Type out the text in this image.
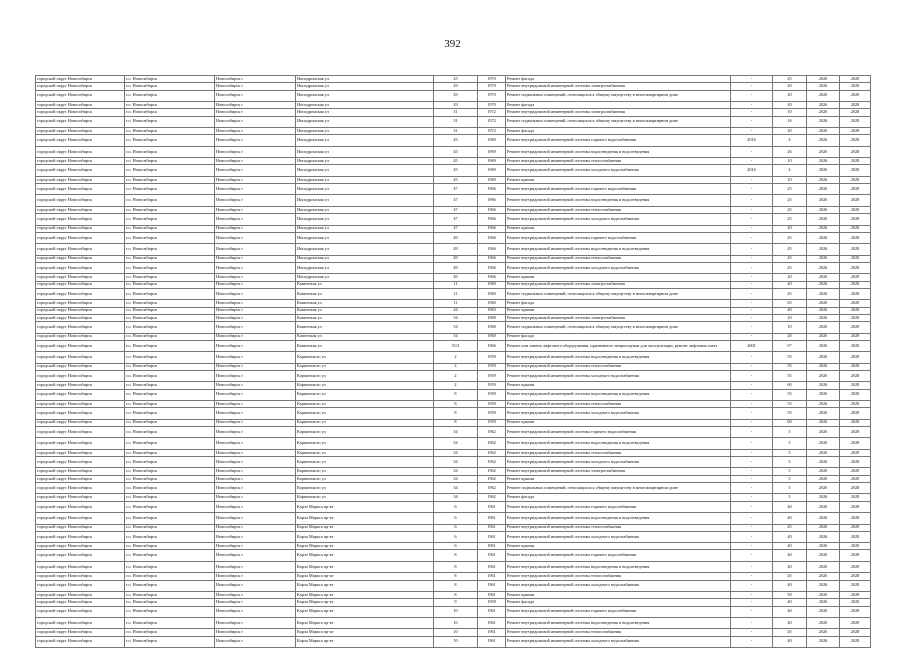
392
городской округ Новосибирск	г.о. Новосибирск	Новосибирск г	Ипподромская ул	25	1970	Ремонт фасада	-	25	2026	2028
городской округ Новосибирск	г.о. Новосибирск	Новосибирск г	Ипподромская ул	29	1970	Ремонт внутридомовой инженерной системы электроснабжения	-	20	2026	2028
городской округ Новосибирск	г.о. Новосибирск	Новосибирск г	Ипподромская ул	29	1970	Ремонт подвальных помещений, относящихся к общему имуществу в многоквартирном доме	-	20	2026	2028
городской округ Новосибирск	г.о. Новосибирск	Новосибирск г	Ипподромская ул	29	1970	Ремонт фасада	-	20	2026	2028
городской округ Новосибирск	г.о. Новосибирск	Новосибирск г	Ипподромская ул	31	1972	Ремонт внутридомовой инженерной системы электроснабжения	-	10	2026	2028
городской округ Новосибирск	г.о. Новосибирск	Новосибирск г	Ипподромская ул	31	1972	Ремонт подвальных помещений, относящихся к общему имуществу в многоквартирном доме	-	16	2026	2028
городской округ Новосибирск	г.о. Новосибирск	Новосибирск г	Ипподромская ул	31	1972	Ремонт фасада	-	20	2026	2028
городской округ Новосибирск	г.о. Новосибирск	Новосибирск г	Ипподромская ул	45	1969	Ремонт внутридомовой инженерной системы горячего водоснабжения	2016	4	2026	2028
городской округ Новосибирск	г.о. Новосибирск	Новосибирск г	Ипподромская ул	45	1969	Ремонт внутридомовой инженерной системы водоотведения и водоотведения	-	26	2026	2028
городской округ Новосибирск	г.о. Новосибирск	Новосибирск г	Ипподромская ул	45	1969	Ремонт внутридомовой инженерной системы теплоснабжения	-	10	2026	2028
городской округ Новосибирск	г.о. Новосибирск	Новосибирск г	Ипподромская ул	45	1969	Ремонт внутридомовой инженерной системы холодного водоснабжения	2016	4	2026	2028
городской округ Новосибирск	г.о. Новосибирск	Новосибирск г	Ипподромская ул	45	1969	Ремонт крыши	-	10	2026	2028
городской округ Новосибирск	г.о. Новосибирск	Новосибирск г	Ипподромская ул	47	1966	Ремонт внутридомовой инженерной системы горячего водоснабжения	-	25	2026	2028
городской округ Новосибирск	г.о. Новосибирск	Новосибирск г	Ипподромская ул	47	1966	Ремонт внутридомовой инженерной системы водоотведения и водоотведения	-	25	2026	2028
городской округ Новосибирск	г.о. Новосибирск	Новосибирск г	Ипподромская ул	47	1966	Ремонт внутридомовой инженерной системы теплоснабжения	-	25	2026	2028
городской округ Новосибирск	г.о. Новосибирск	Новосибирск г	Ипподромская ул	47	1966	Ремонт внутридомовой инженерной системы холодного водоснабжения	-	25	2026	2028
городской округ Новосибирск	г.о. Новосибирск	Новосибирск г	Ипподромская ул	47	1966	Ремонт крыши	-	20	2026	2028
городской округ Новосибирск	г.о. Новосибирск	Новосибирск г	Ипподромская ул	49	1966	Ремонт внутридомовой инженерной системы горячего водоснабжения	-	45	2026	2028
городской округ Новосибирск	г.о. Новосибирск	Новосибирск г	Ипподромская ул	49	1966	Ремонт внутридомовой инженерной системы водоотведения и водоотведения	-	45	2026	2028
городской округ Новосибирск	г.о. Новосибирск	Новосибирск г	Ипподромская ул	49	1966	Ремонт внутридомовой инженерной системы теплоснабжения	-	45	2026	2028
городской округ Новосибирск	г.о. Новосибирск	Новосибирск г	Ипподромская ул	49	1966	Ремонт внутридомовой инженерной системы холодного водоснабжения	-	45	2026	2028
городской округ Новосибирск	г.о. Новосибирск	Новосибирск г	Ипподромская ул	49	1966	Ремонт крыши	-	20	2026	2028
городской округ Новосибирск	г.о. Новосибирск	Новосибирск г	Каменская ул	11	1960	Ремонт внутридомовой инженерной системы электроснабжения	-	40	2026	2028
городской округ Новосибирск	г.о. Новосибирск	Новосибирск г	Каменская ул	11	1960	Ремонт подвальных помещений, относящихся к общему имуществу в многоквартирном доме	-	45	2026	2028
городской округ Новосибирск	г.о. Новосибирск	Новосибирск г	Каменская ул	11	1960	Ремонт фасада	-	65	2026	2028
городской округ Новосибирск	г.о. Новосибирск	Новосибирск г	Каменская ул	44	1983	Ремонт крыши	-	40	2026	2028
городской округ Новосибирск	г.о. Новосибирск	Новосибирск г	Каменская ул	54	1968	Ремонт внутридомовой инженерной системы электроснабжения	-	10	2026	2028
городской округ Новосибирск	г.о. Новосибирск	Новосибирск г	Каменская ул	54	1968	Ремонт подвальных помещений, относящихся к общему имуществу в многоквартирном доме	-	10	2026	2028
городской округ Новосибирск	г.о. Новосибирск	Новосибирск г	Каменская ул	54	1968	Ремонт фасада	-	20	2026	2028
городской округ Новосибирск	г.о. Новосибирск	Новосибирск г	Каменская ул	51/3	1966	Ремонт или замена лифтового оборудования, признанного непригодным для эксплуатации, ремонт лифтовых шахт	2001	6*	2026	2028
городской округ Новосибирск	г.о. Новосибирск	Новосибирск г	Карпинского ул	2	1959	Ремонт внутридомовой инженерной системы водоотведения и водоотведения	-	55	2026	2028
городской округ Новосибирск	г.о. Новосибирск	Новосибирск г	Карпинского ул	2	1959	Ремонт внутридомовой инженерной системы теплоснабжения	-	55	2026	2028
городской округ Новосибирск	г.о. Новосибирск	Новосибирск г	Карпинского ул	2	1959	Ремонт внутридомовой инженерной системы холодного водоснабжения	-	55	2026	2028
городской округ Новосибирск	г.о. Новосибирск	Новосибирск г	Карпинского ул	2	1959	Ремонт крыши	-	60	2026	2028
городской округ Новосибирск	г.о. Новосибирск	Новосибирск г	Карпинского ул	8	1959	Ремонт внутридомовой инженерной системы водоотведения и водоотведения	-	55	2026	2028
городской округ Новосибирск	г.о. Новосибирск	Новосибирск г	Карпинского ул	8	1959	Ремонт внутридомовой инженерной системы теплоснабжения	-	55	2026	2028
городской округ Новосибирск	г.о. Новосибирск	Новосибирск г	Карпинского ул	8	1959	Ремонт внутридомовой инженерной системы холодного водоснабжения	-	55	2026	2028
городской округ Новосибирск	г.о. Новосибирск	Новосибирск г	Карпинского ул	8	1959	Ремонт крыши	-	60	2026	2028
городской округ Новосибирск	г.о. Новосибирск	Новосибирск г	Карпинского ул	34	1962	Ремонт внутридомовой инженерной системы горячего водоснабжения	-	5	2026	2028
городской округ Новосибирск	г.о. Новосибирск	Новосибирск г	Карпинского ул	34	1962	Ремонт внутридомовой инженерной системы водоотведения и водоотведения	-	5	2026	2028
городской округ Новосибирск	г.о. Новосибирск	Новосибирск г	Карпинского ул	34	1962	Ремонт внутридомовой инженерной системы теплоснабжения	-	5	2026	2028
городской округ Новосибирск	г.о. Новосибирск	Новосибирск г	Карпинского ул	34	1962	Ремонт внутридомовой инженерной системы холодного водоснабжения	-	5	2026	2028
городской округ Новосибирск	г.о. Новосибирск	Новосибирск г	Карпинского ул	34	1962	Ремонт внутридомовой инженерной системы электроснабжения	-	5	2026	2028
городской округ Новосибирск	г.о. Новосибирск	Новосибирск г	Карпинского ул	34	1962	Ремонт крыши	-	5	2026	2028
городской округ Новосибирск	г.о. Новосибирск	Новосибирск г	Карпинского ул	34	1962	Ремонт подвальных помещений, относящихся к общему имуществу в многоквартирном доме	-	5	2026	2028
городской округ Новосибирск	г.о. Новосибирск	Новосибирск г	Карпинского ул	34	1962	Ремонт фасада	-	5	2026	2028
городской округ Новосибирск	г.о. Новосибирск	Новосибирск г	Карла Маркса пр-кт	6	1961	Ремонт внутридомовой инженерной системы горячего водоснабжения	-	40	2026	2028
городской округ Новосибирск	г.о. Новосибирск	Новосибирск г	Карла Маркса пр-кт	6	1961	Ремонт внутридомовой инженерной системы водоотведения и водоотведения	-	40	2026	2028
городской округ Новосибирск	г.о. Новосибирск	Новосибирск г	Карла Маркса пр-кт	6	1961	Ремонт внутридомовой инженерной системы теплоснабжения	-	45	2026	2028
городской округ Новосибирск	г.о. Новосибирск	Новосибирск г	Карла Маркса пр-кт	6	1961	Ремонт внутридомовой инженерной системы холодного водоснабжения	-	40	2026	2028
городской округ Новосибирск	г.о. Новосибирск	Новосибирск г	Карла Маркса пр-кт	6	1961	Ремонт крыши	-	40	2026	2028
городской округ Новосибирск	г.о. Новосибирск	Новосибирск г	Карла Маркса пр-кт	8	1961	Ремонт внутридомовой инженерной системы горячего водоснабжения	-	40	2026	2028
городской округ Новосибирск	г.о. Новосибирск	Новосибирск г	Карла Маркса пр-кт	8	1961	Ремонт внутридомовой инженерной системы водоотведения и водоотведения	-	40	2026	2028
городской округ Новосибирск	г.о. Новосибирск	Новосибирск г	Карла Маркса пр-кт	8	1961	Ремонт внутридомовой инженерной системы теплоснабжения	-	45	2026	2028
городской округ Новосибирск	г.о. Новосибирск	Новосибирск г	Карла Маркса пр-кт	8	1961	Ремонт внутридомовой инженерной системы холодного водоснабжения	-	40	2026	2028
городской округ Новосибирск	г.о. Новосибирск	Новосибирск г	Карла Маркса пр-кт	8	1961	Ремонт крыши	-	50	2026	2028
городской округ Новосибирск	г.о. Новосибирск	Новосибирск г	Карла Маркса пр-кт	9	1958	Ремонт фасада	-	40	2026	2028
городской округ Новосибирск	г.о. Новосибирск	Новосибирск г	Карла Маркса пр-кт	10	1961	Ремонт внутридомовой инженерной системы горячего водоснабжения	-	40	2026	2028
городской округ Новосибирск	г.о. Новосибирск	Новосибирск г	Карла Маркса пр-кт	10	1961	Ремонт внутридомовой инженерной системы водоотведения и водоотведения	-	40	2026	2028
городской округ Новосибирск	г.о. Новосибирск	Новосибирск г	Карла Маркса пр-кт	10	1961	Ремонт внутридомовой инженерной системы теплоснабжения	-	45	2026	2028
городской округ Новосибирск	г.о. Новосибирск	Новосибирск г	Карла Маркса пр-кт	10	1961	Ремонт внутридомовой инженерной системы холодного водоснабжения	-	40	2026	2028
